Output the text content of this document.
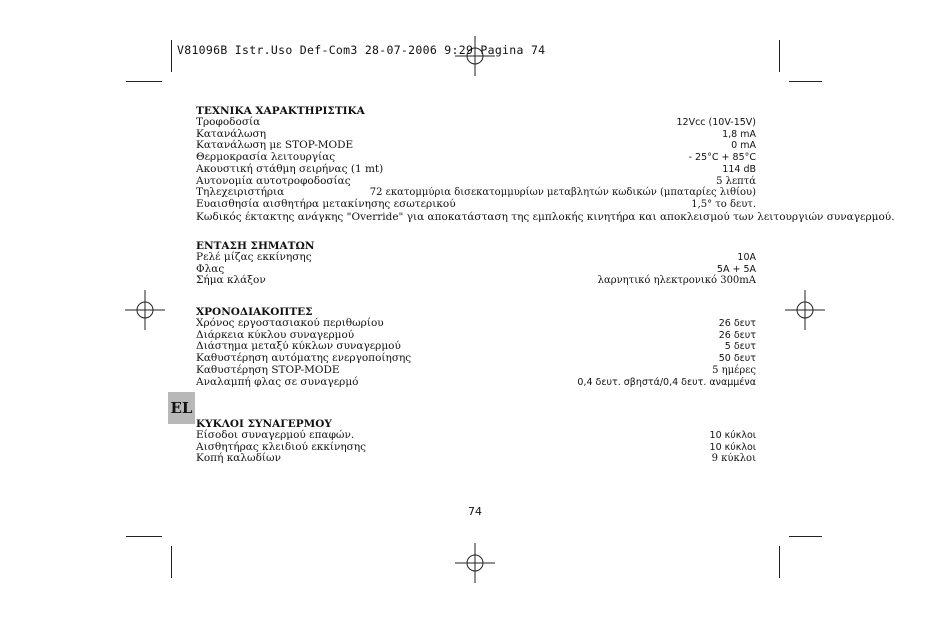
V81096B Istr.Uso Def-Com3 28-07-2006 9:29 Pagina 74
EL

ΤΕΧΝΙΚΑ ΧΑΡΑΚΤΗΡΙΣΤΙΚΑ

Τροφοδοσία	12Vcc (10V-15V)
Κατανάλωση	1,8 mA
Κατανάλωση με STOP-MODE	0 mA
Θερμοκρασία λειτουργίας	- 25°C + 85°C
Ακουστική στάθμη σειρήνας (1 mt)	114 dB
Αυτονομία αυτοτροφοδοσίας	5 λεπτά
Τηλεχειριστήρια	72 εκατομμύρια δισεκατομμυρίων μεταβλητών κωδικών (μπαταρίες λιθίου)
Ευαισθησία αισθητήρα μετακίνησης εσωτερικού	1,5° το δευτ.
Κωδικός έκτακτης ανάγκης "Override" για αποκατάσταση της εμπλοκής κινητήρα και αποκλεισμού των λειτουργιών συναγερμού.

ΕΝΤΑΣΗ ΣΗΜΑΤΩΝ

Ρελέ μίζας εκκίνησης	10A
Φλας	5A + 5A
Σήμα κλάξον	λαρνητικό ηλεκτρονικό 300mA

ΧΡΟΝΟΔΙΑΚΟΠΤΕΣ

Χρόνος εργοστασιακού περιθωρίου	26 δευτ
Διάρκεια κύκλου συναγερμού	26 δευτ
Διάστημα μεταξύ κύκλων συναγερμού	5 δευτ
Καθυστέρηση αυτόματης ενεργοποίησης	50 δευτ
Καθυστέρηση STOP-MODE	5 ημέρες
Αναλαμπή φλας σε συναγερμό	0,4 δευτ. σβηστά/0,4 δευτ. αναμμένα

ΚΥΚΛΟΙ ΣΥΝΑΓΕΡΜΟΥ

Είσοδοι συναγερμού επαφών.	10 κύκλοι
Αισθητήρας κλειδιού εκκίνησης	10 κύκλοι
Κοπή καλωδίων	9 κύκλοι
74
